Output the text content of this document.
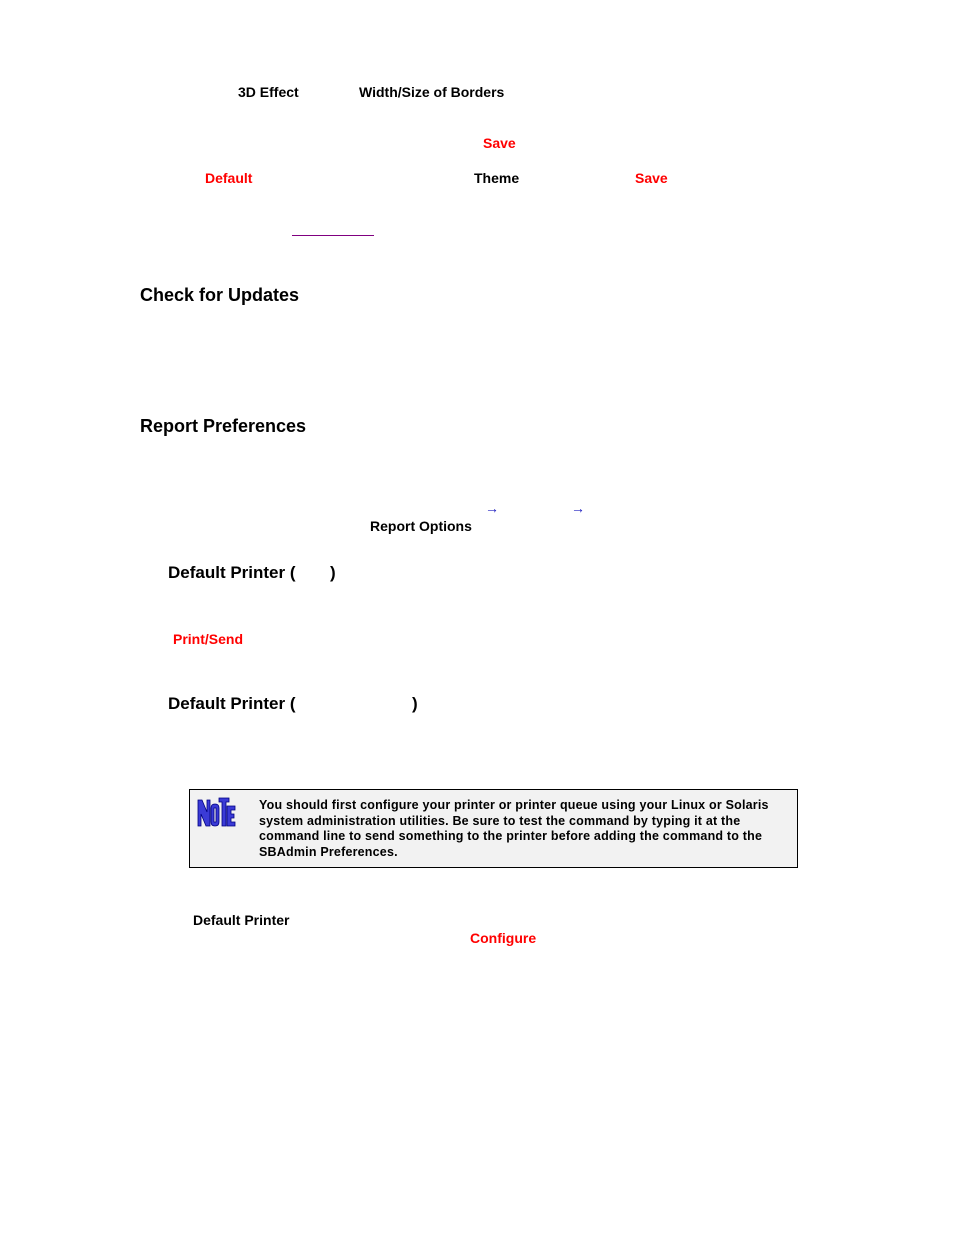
3D Effect	Width/Size of Borders
Save
Default	Theme	Save
Check for Updates
Report Preferences
→	→
Report Options
Default Printer ( )
Print/Send
Default Printer (	)
You should first configure your printer or printer queue using your Linux or Solaris system administration utilities. Be sure to test the command by typing it at the command line to send something to the printer before adding the command to the SBAdmin Preferences.
Default Printer
Configure
